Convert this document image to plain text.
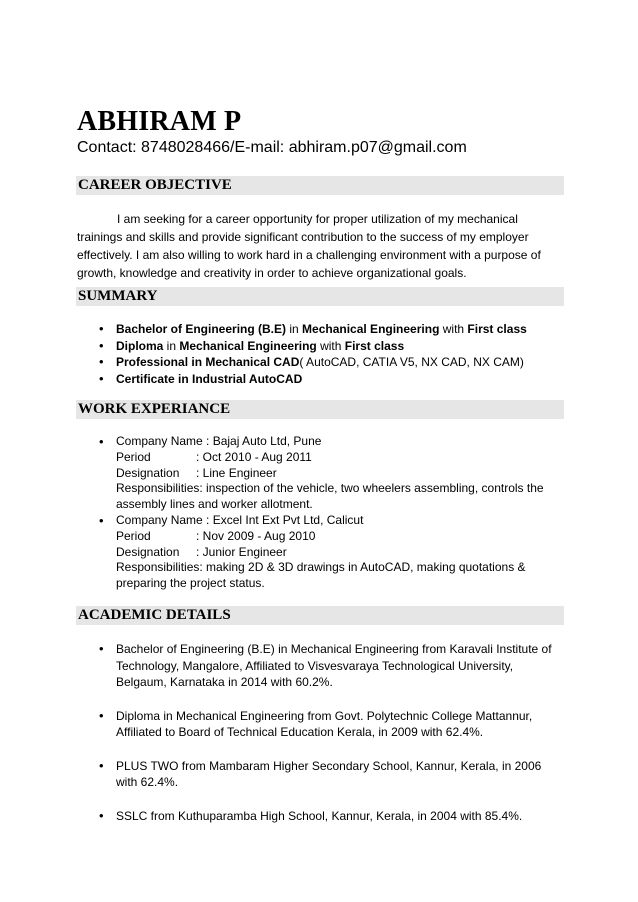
ABHIRAM P

Contact: 8748028466/E-mail: abhiram.p07@gmail.com

CAREER OBJECTIVE

I am seeking for a career opportunity for proper utilization of my mechanical trainings and skills and provide significant contribution to the success of my employer effectively. I am also willing to work hard in a challenging environment with a purpose of growth, knowledge and creativity in order to achieve organizational goals.

SUMMARY
• Bachelor of Engineering (B.E) in Mechanical Engineering with First class
• Diploma in Mechanical Engineering with First class
• Professional in Mechanical CAD( AutoCAD, CATIA V5, NX CAD, NX CAM)
• Certificate in Industrial AutoCAD
WORK EXPERIANCE
• Company Name : Bajaj Auto Ltd, Pune
Period	: Oct 2010 - Aug 2011
Designation : Line Engineer
Responsibilities: inspection of the vehicle, two wheelers assembling, controls the assembly lines and worker allotment.
• Company Name : Excel Int Ext Pvt Ltd, Calicut
Period	: Nov 2009 - Aug 2010
Designation : Junior Engineer
Responsibilities: making 2D & 3D drawings in AutoCAD, making quotations & preparing the project status.
ACADEMIC DETAILS
• Bachelor of Engineering (B.E) in Mechanical Engineering from Karavali Institute of Technology, Mangalore, Affiliated to Visvesvaraya Technological University, Belgaum, Karnataka in 2014 with 60.2%.
• Diploma in Mechanical Engineering from Govt. Polytechnic College Mattannur, Affiliated to Board of Technical Education Kerala, in 2009 with 62.4%.
• PLUS TWO from Mambaram Higher Secondary School, Kannur, Kerala, in 2006 with 62.4%.
• SSLC from Kuthuparamba High School, Kannur, Kerala, in 2004 with 85.4%.
